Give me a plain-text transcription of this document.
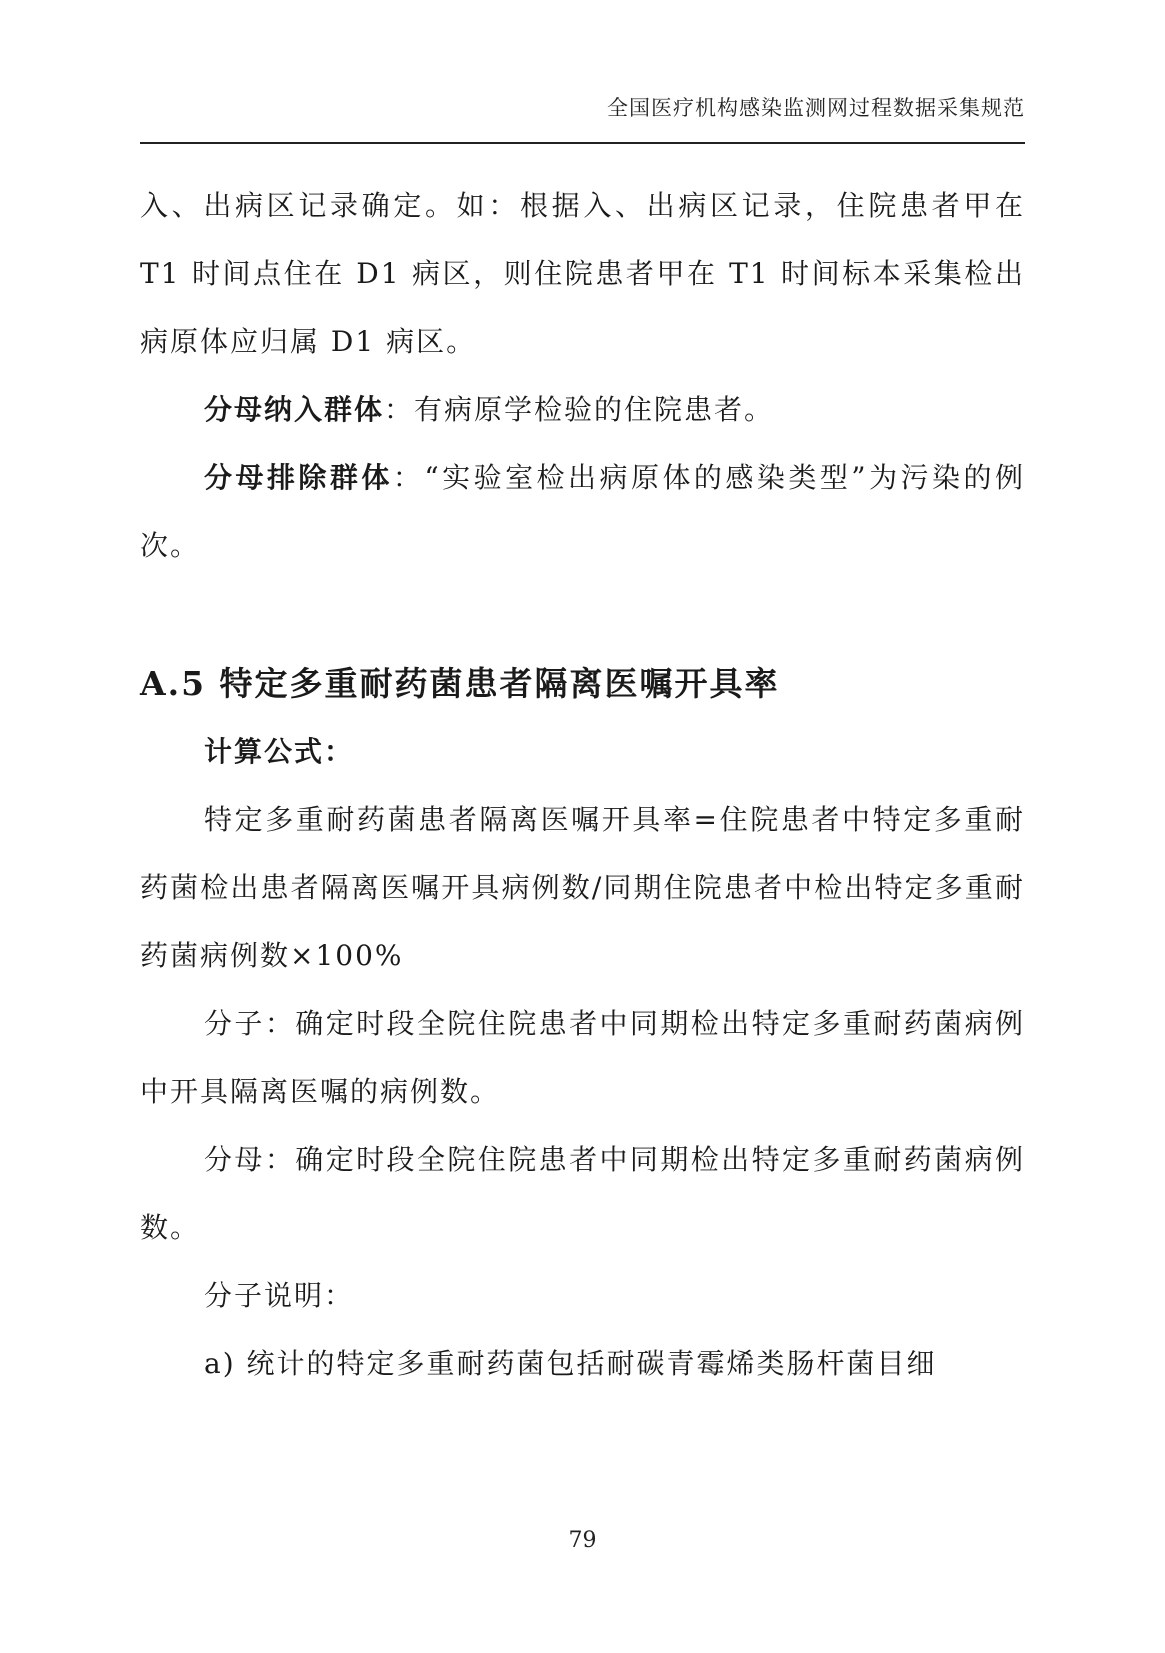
全国医疗机构感染监测网过程数据采集规范

入、出病区记录确定。如：根据入、出病区记录，住院患者甲在 T1 时间点住在 D1 病区，则住院患者甲在 T1 时间标本采集检出病原体应归属 D1 病区。

分母纳入群体：有病原学检验的住院患者。

分母排除群体：“实验室检出病原体的感染类型”为污染的例次。

A.5 特定多重耐药菌患者隔离医嘱开具率

计算公式：

特定多重耐药菌患者隔离医嘱开具率=住院患者中特定多重耐药菌检出患者隔离医嘱开具病例数/同期住院患者中检出特定多重耐药菌病例数×100%

分子：确定时段全院住院患者中同期检出特定多重耐药菌病例中开具隔离医嘱的病例数。

分母：确定时段全院住院患者中同期检出特定多重耐药菌病例数。

分子说明：

a) 统计的特定多重耐药菌包括耐碳青霉烯类肠杆菌目细

79
